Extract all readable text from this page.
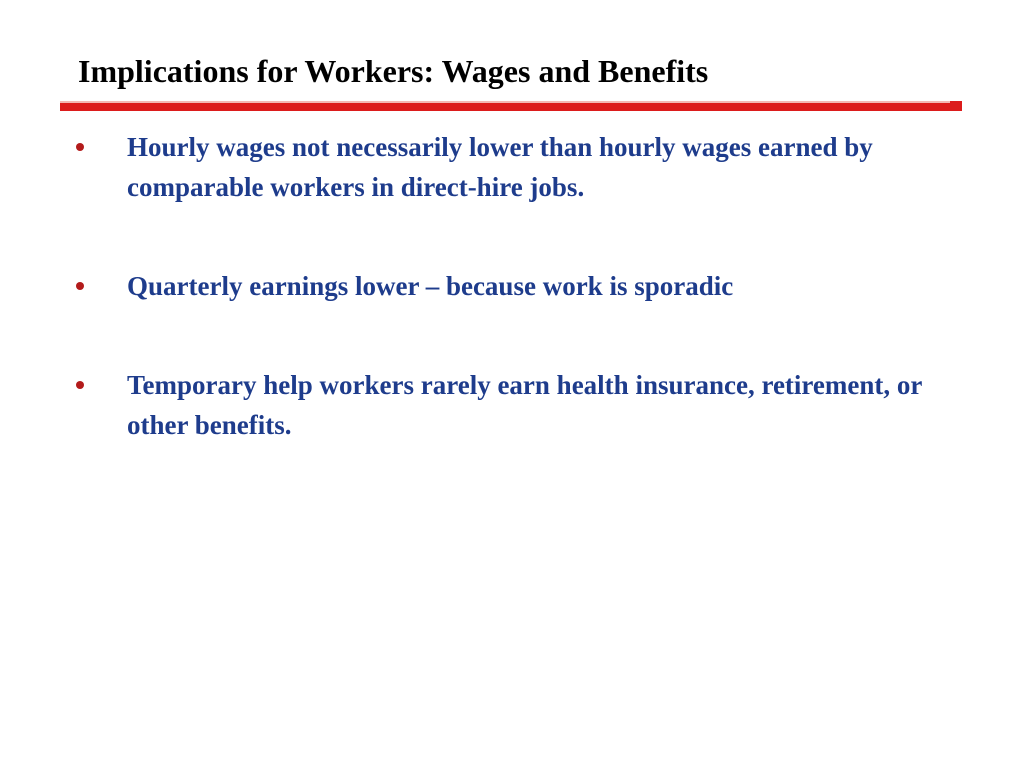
Implications for Workers: Wages and Benefits

Hourly wages not necessarily lower than hourly wages earned by comparable workers in direct-hire jobs.

Quarterly earnings lower – because work is sporadic

Temporary help workers rarely earn health insurance, retirement, or other benefits.
